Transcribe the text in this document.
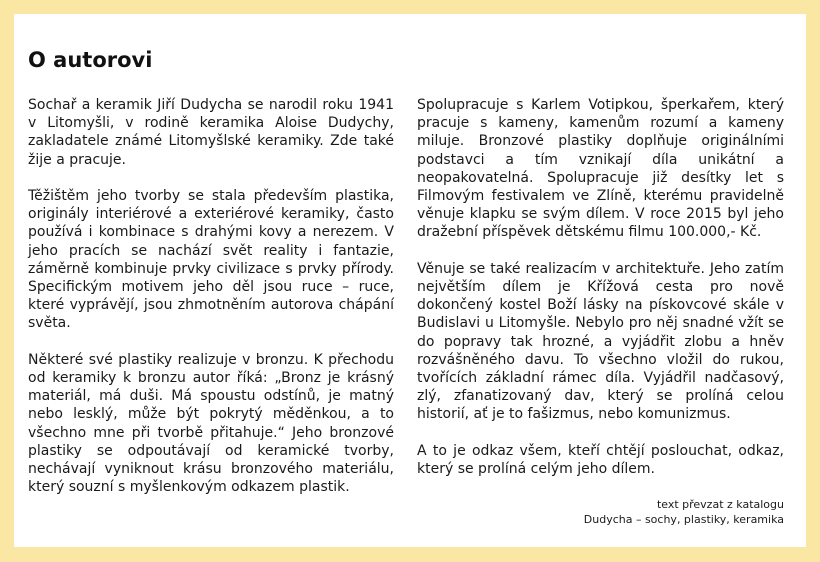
O autorovi

Sochař a keramik Jiří Dudycha se narodil roku 1941 v Litomyšli, v rodině keramika Aloise Dudychy, zakladatele známé Litomyšlské keramiky. Zde také žije a pracuje.

Těžištěm jeho tvorby se stala především plastika, originály interiérové a exteriérové keramiky, často používá i kombinace s drahými kovy a nerezem. V jeho pracích se nachází svět reality i fantazie, záměrně kombinuje prvky civilizace s prvky přírody. Specifickým motivem jeho děl jsou ruce – ruce, které vyprávějí, jsou zhmotněním autorova chápání světa.

Některé své plastiky realizuje v bronzu. K přechodu od keramiky k bronzu autor říká: „Bronz je krásný materiál, má duši. Má spoustu odstínů, je matný nebo lesklý, může být pokrytý měděnkou, a to všechno mne při tvorbě přitahuje.“ Jeho bronzové plastiky se odpoutávají od keramické tvorby, nechávají vyniknout krásu bronzového materiálu, který souzní s myšlenkovým odkazem plastik.

Spolupracuje s Karlem Votipkou, šperkařem, který pracuje s kameny, kamenům rozumí a kameny miluje. Bronzové plastiky doplňuje originálními podstavci a tím vznikají díla unikátní a neopakovatelná. Spolupracuje již desítky let s Filmovým festivalem ve Zlíně, kterému pravidelně věnuje klapku se svým dílem. V roce 2015 byl jeho dražební příspěvek dětskému filmu 100.000,- Kč.

Věnuje se také realizacím v architektuře. Jeho zatím největším dílem je Křížová cesta pro nově dokončený kostel Boží lásky na pískovcové skále v Budislavi u Litomyšle. Nebylo pro něj snadné vžít se do popravy tak hrozné, a vyjádřit zlobu a hněv rozvášněného davu. To všechno vložil do rukou, tvořících základní rámec díla. Vyjádřil nadčasový, zlý, zfanatizovaný dav, který se prolíná celou historií, ať je to fašizmus, nebo komunizmus.

A to je odkaz všem, kteří chtějí poslouchat, odkaz, který se prolíná celým jeho dílem.

text převzat z katalogu
Dudycha – sochy, plastiky, keramika
